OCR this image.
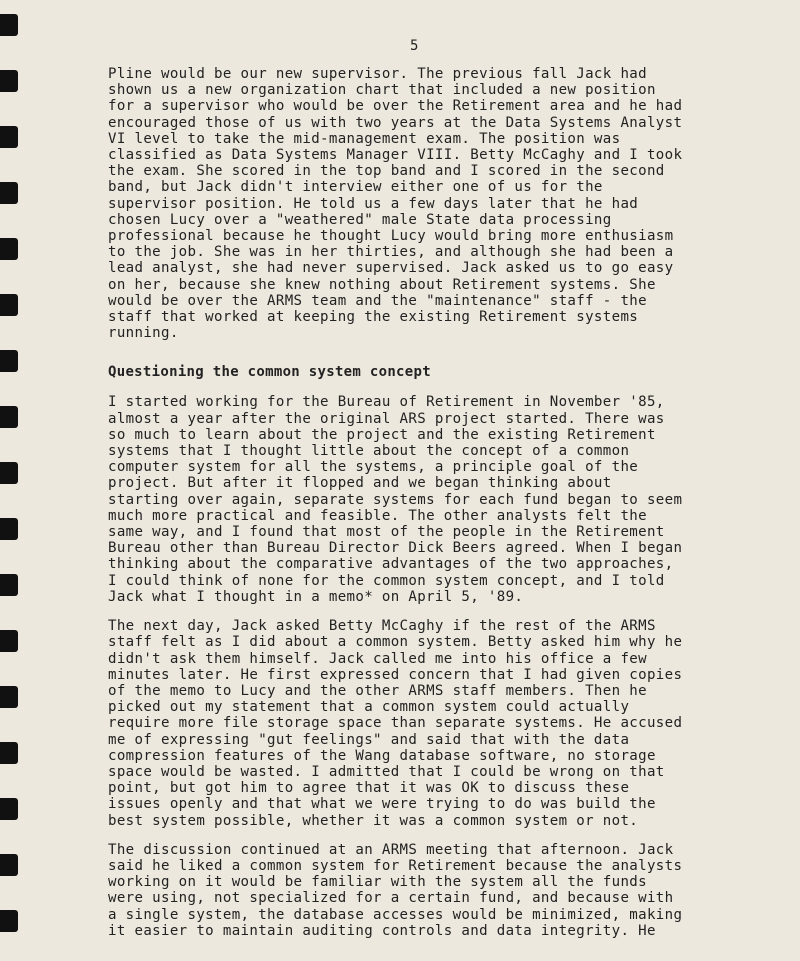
5

Pline would be our new supervisor. The previous fall Jack had
shown us a new organization chart that included a new position
for a supervisor who would be over the Retirement area and he had
encouraged those of us with two years at the Data Systems Analyst
VI level to take the mid-management exam. The position was
classified as Data Systems Manager VIII. Betty McCaghy and I took
the exam. She scored in the top band and I scored in the second
band, but Jack didn't interview either one of us for the
supervisor position. He told us a few days later that he had
chosen Lucy over a "weathered" male State data processing
professional because he thought Lucy would bring more enthusiasm
to the job. She was in her thirties, and although she had been a
lead analyst, she had never supervised. Jack asked us to go easy
on her, because she knew nothing about Retirement systems. She
would be over the ARMS team and the "maintenance" staff - the
staff that worked at keeping the existing Retirement systems
running.

Questioning the common system concept

I started working for the Bureau of Retirement in November '85,
almost a year after the original ARS project started. There was
so much to learn about the project and the existing Retirement
systems that I thought little about the concept of a common
computer system for all the systems, a principle goal of the
project. But after it flopped and we began thinking about
starting over again, separate systems for each fund began to seem
much more practical and feasible. The other analysts felt the
same way, and I found that most of the people in the Retirement
Bureau other than Bureau Director Dick Beers agreed. When I began
thinking about the comparative advantages of the two approaches,
I could think of none for the common system concept, and I told
Jack what I thought in a memo* on April 5, '89.

The next day, Jack asked Betty McCaghy if the rest of the ARMS
staff felt as I did about a common system. Betty asked him why he
didn't ask them himself. Jack called me into his office a few
minutes later. He first expressed concern that I had given copies
of the memo to Lucy and the other ARMS staff members. Then he
picked out my statement that a common system could actually
require more file storage space than separate systems. He accused
me of expressing "gut feelings" and said that with the data
compression features of the Wang database software, no storage
space would be wasted. I admitted that I could be wrong on that
point, but got him to agree that it was OK to discuss these
issues openly and that what we were trying to do was build the
best system possible, whether it was a common system or not.

The discussion continued at an ARMS meeting that afternoon. Jack
said he liked a common system for Retirement because the analysts
working on it would be familiar with the system all the funds
were using, not specialized for a certain fund, and because with
a single system, the database accesses would be minimized, making
it easier to maintain auditing controls and data integrity. He
